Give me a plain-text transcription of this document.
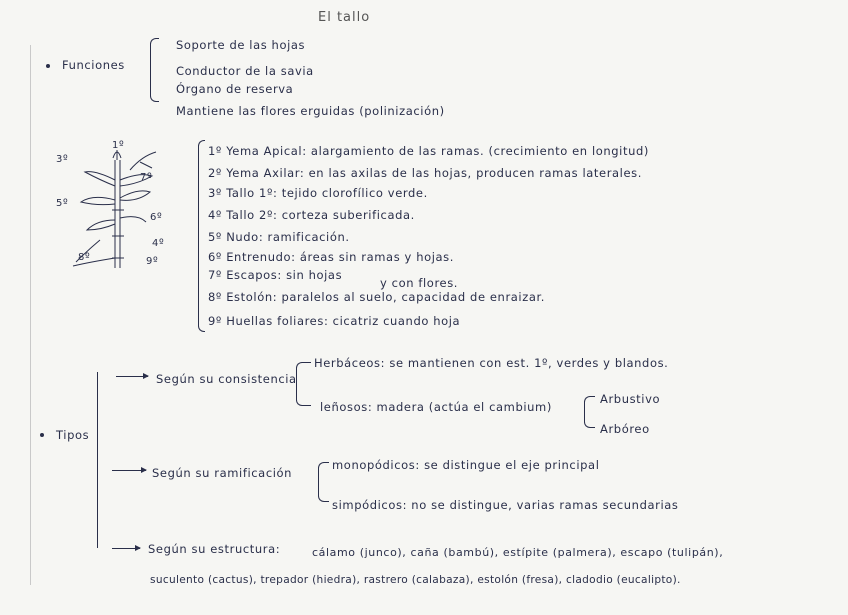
El tallo
Funciones
Soporte de las hojas
Conductor de la savia
Órgano de reserva
Mantiene las flores erguidas (polinización)
1º
3º
7º
5º
6º
4º
8º	9º
1º Yema Apical: alargamiento de las ramas. (crecimiento en longitud)
2º Yema Axilar: en las axilas de las hojas, producen ramas laterales.
3º Tallo 1º: tejido clorofílico verde.
4º Tallo 2º: corteza suberificada.
5º Nudo: ramificación.
6º Entrenudo: áreas sin ramas y hojas.
7º Escapos: sin hojas
y con flores.
8º Estolón: paralelos al suelo, capacidad de enraizar.
9º Huellas foliares: cicatriz cuando hoja
Tipos
Según su consistencia
Herbáceos: se mantienen con est. 1º, verdes y blandos.
leñosos: madera (actúa el cambium)
Arbustivo
Arbóreo
Según su ramificación
monopódicos: se distingue el eje principal
simpódicos: no se distingue, varias ramas secundarias
Según su estructura:	cálamo (junco), caña (bambú), estípite (palmera), escapo (tulipán),
suculento (cactus), trepador (hiedra), rastrero (calabaza), estolón (fresa), cladodio (eucalipto).
